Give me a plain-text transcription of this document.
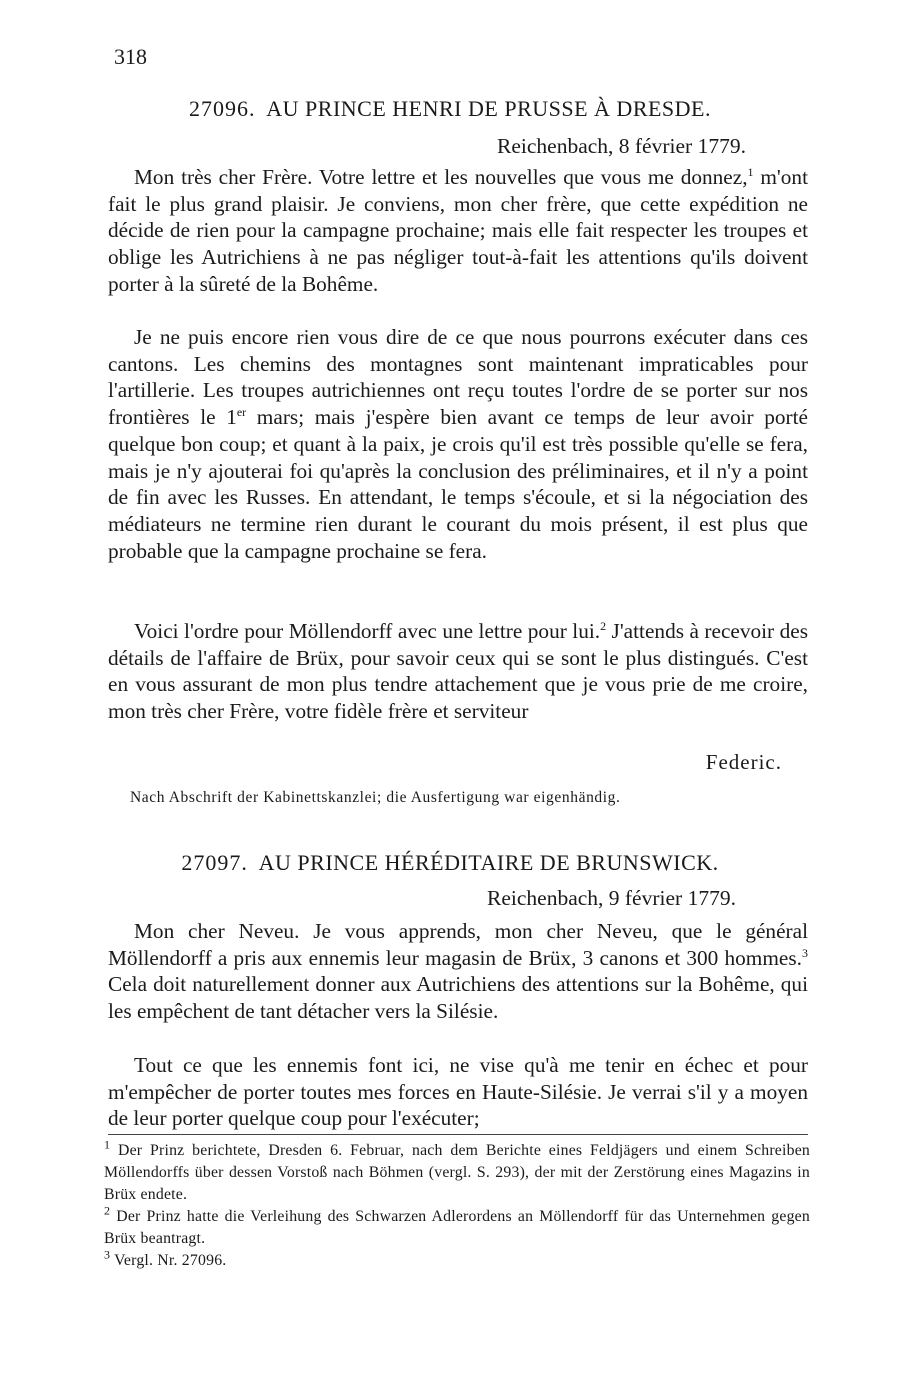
318
27096. AU PRINCE HENRI DE PRUSSE À DRESDE.
Reichenbach, 8 février 1779.

Mon très cher Frère. Votre lettre et les nouvelles que vous me donnez,$^1$ m'ont fait le plus grand plaisir. Je conviens, mon cher frère, que cette expédition ne décide de rien pour la campagne prochaine; mais elle fait respecter les troupes et oblige les Autrichiens à ne pas négliger tout-à-fait les attentions qu'ils doivent porter à la sûreté de la Bohême.

Je ne puis encore rien vous dire de ce que nous pourrons exécuter dans ces cantons. Les chemins des montagnes sont maintenant impraticables pour l'artillerie. Les troupes autrichiennes ont reçu toutes l'ordre de se porter sur nos frontières le 1er mars; mais j'espère bien avant ce temps de leur avoir porté quelque bon coup; et quant à la paix, je crois qu'il est très possible qu'elle se fera, mais je n'y ajouterai foi qu'après la conclusion des préliminaires, et il n'y a point de fin avec les Russes. En attendant, le temps s'écoule, et si la négociation des médiateurs ne termine rien durant le courant du mois présent, il est plus que probable que la campagne prochaine se fera.

Voici l'ordre pour Möllendorff avec une lettre pour lui.$^2$ J'attends à recevoir des détails de l'affaire de Brüx, pour savoir ceux qui se sont le plus distingués. C'est en vous assurant de mon plus tendre attachement que je vous prie de me croire, mon très cher Frère, votre fidèle frère et serviteur

Federic.
Nach Abschrift der Kabinettskanzlei; die Ausfertigung war eigenhändig.
27097. AU PRINCE HÉRÉDITAIRE DE BRUNSWICK.
Reichenbach, 9 février 1779.

Mon cher Neveu. Je vous apprends, mon cher Neveu, que le général Möllendorff a pris aux ennemis leur magasin de Brüx, 3 canons et 300 hommes.$^3$ Cela doit naturellement donner aux Autrichiens des attentions sur la Bohême, qui les empêchent de tant détacher vers la Silésie.

Tout ce que les ennemis font ici, ne vise qu'à me tenir en échec et pour m'empêcher de porter toutes mes forces en Haute-Silésie. Je verrai s'il y a moyen de leur porter quelque coup pour l'exécuter;

$^1$ Der Prinz berichtete, Dresden 6. Februar, nach dem Berichte eines Feldjägers und einem Schreiben Möllendorffs über dessen Vorstoß nach Böhmen (vergl. S. 293), der mit der Zerstörung eines Magazins in Brüx endete.

$^2$ Der Prinz hatte die Verleihung des Schwarzen Adlerordens an Möllendorff für das Unternehmen gegen Brüx beantragt.

$^3$ Vergl. Nr. 27096.
